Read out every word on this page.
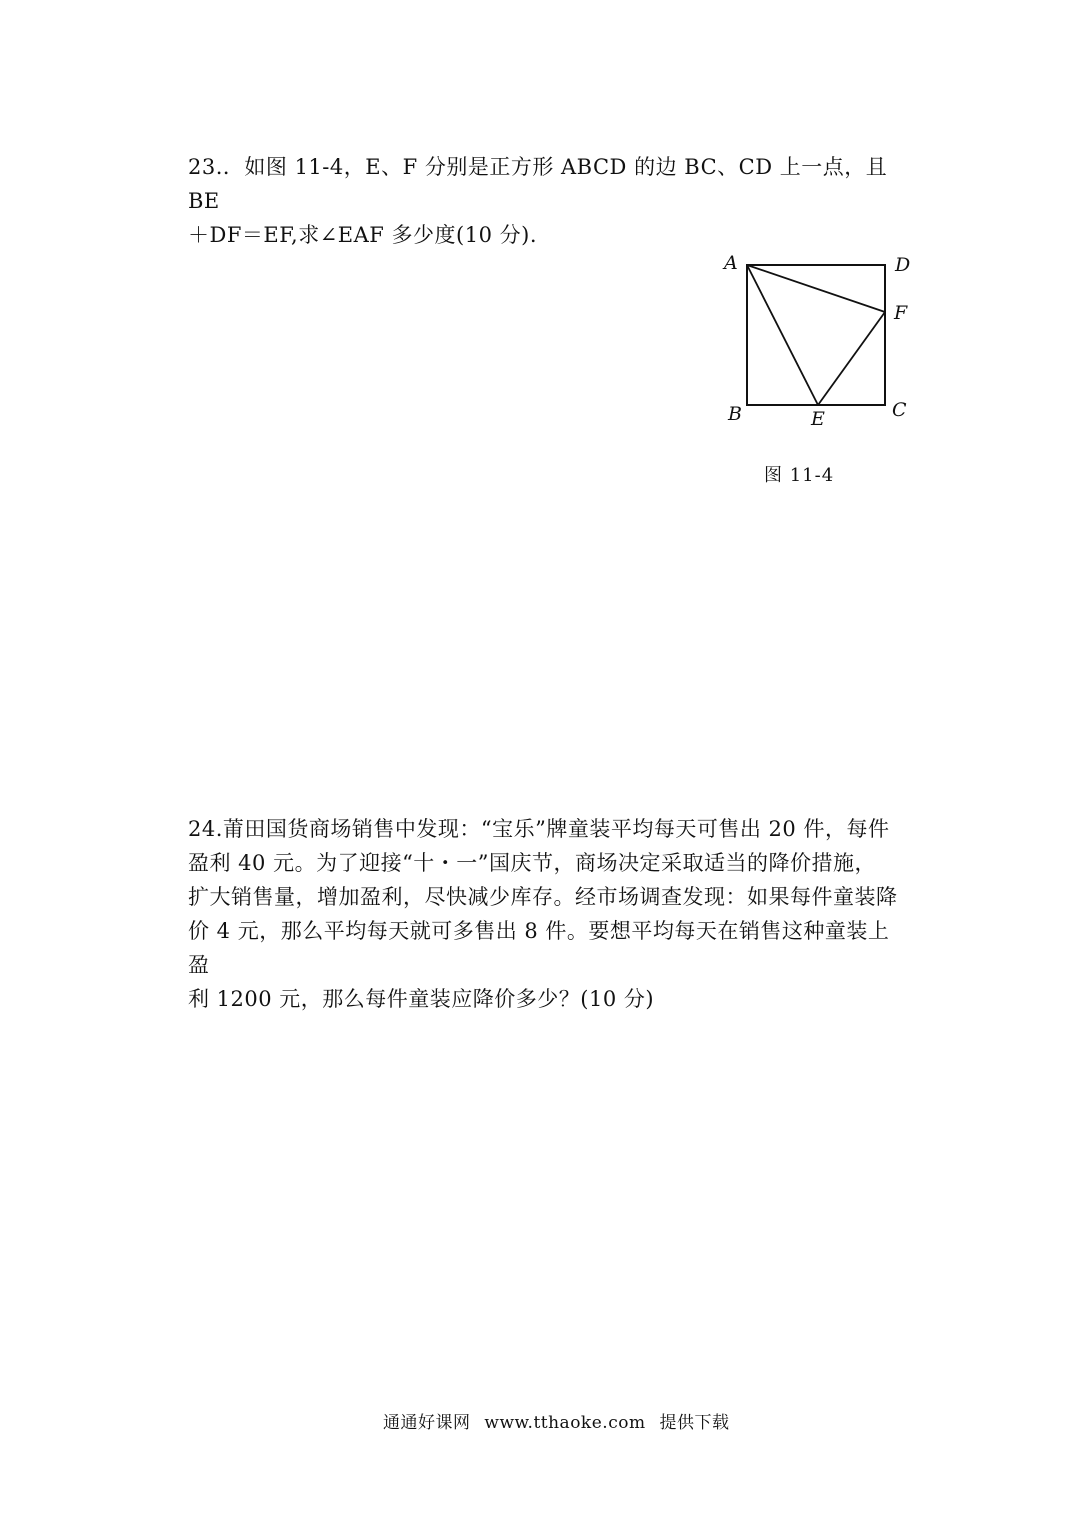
23.．如图 11-4，E、F 分别是正方形 ABCD 的边 BC、CD 上一点，且 BE

＋DF＝EF,求∠EAF 多少度(10 分).

A	D
F
B	E	C
图 11-4

24.莆田国货商场销售中发现：“宝乐”牌童装平均每天可售出 20 件，每件

盈利 40 元。为了迎接“十・一”国庆节，商场决定采取适当的降价措施，

扩大销售量，增加盈利，尽快减少库存。经市场调查发现：如果每件童装降

价 4 元，那么平均每天就可多售出 8 件。要想平均每天在销售这种童装上盈

利 1200 元，那么每件童装应降价多少？(10 分)

通通好课网 www.tthaoke.com 提供下载
